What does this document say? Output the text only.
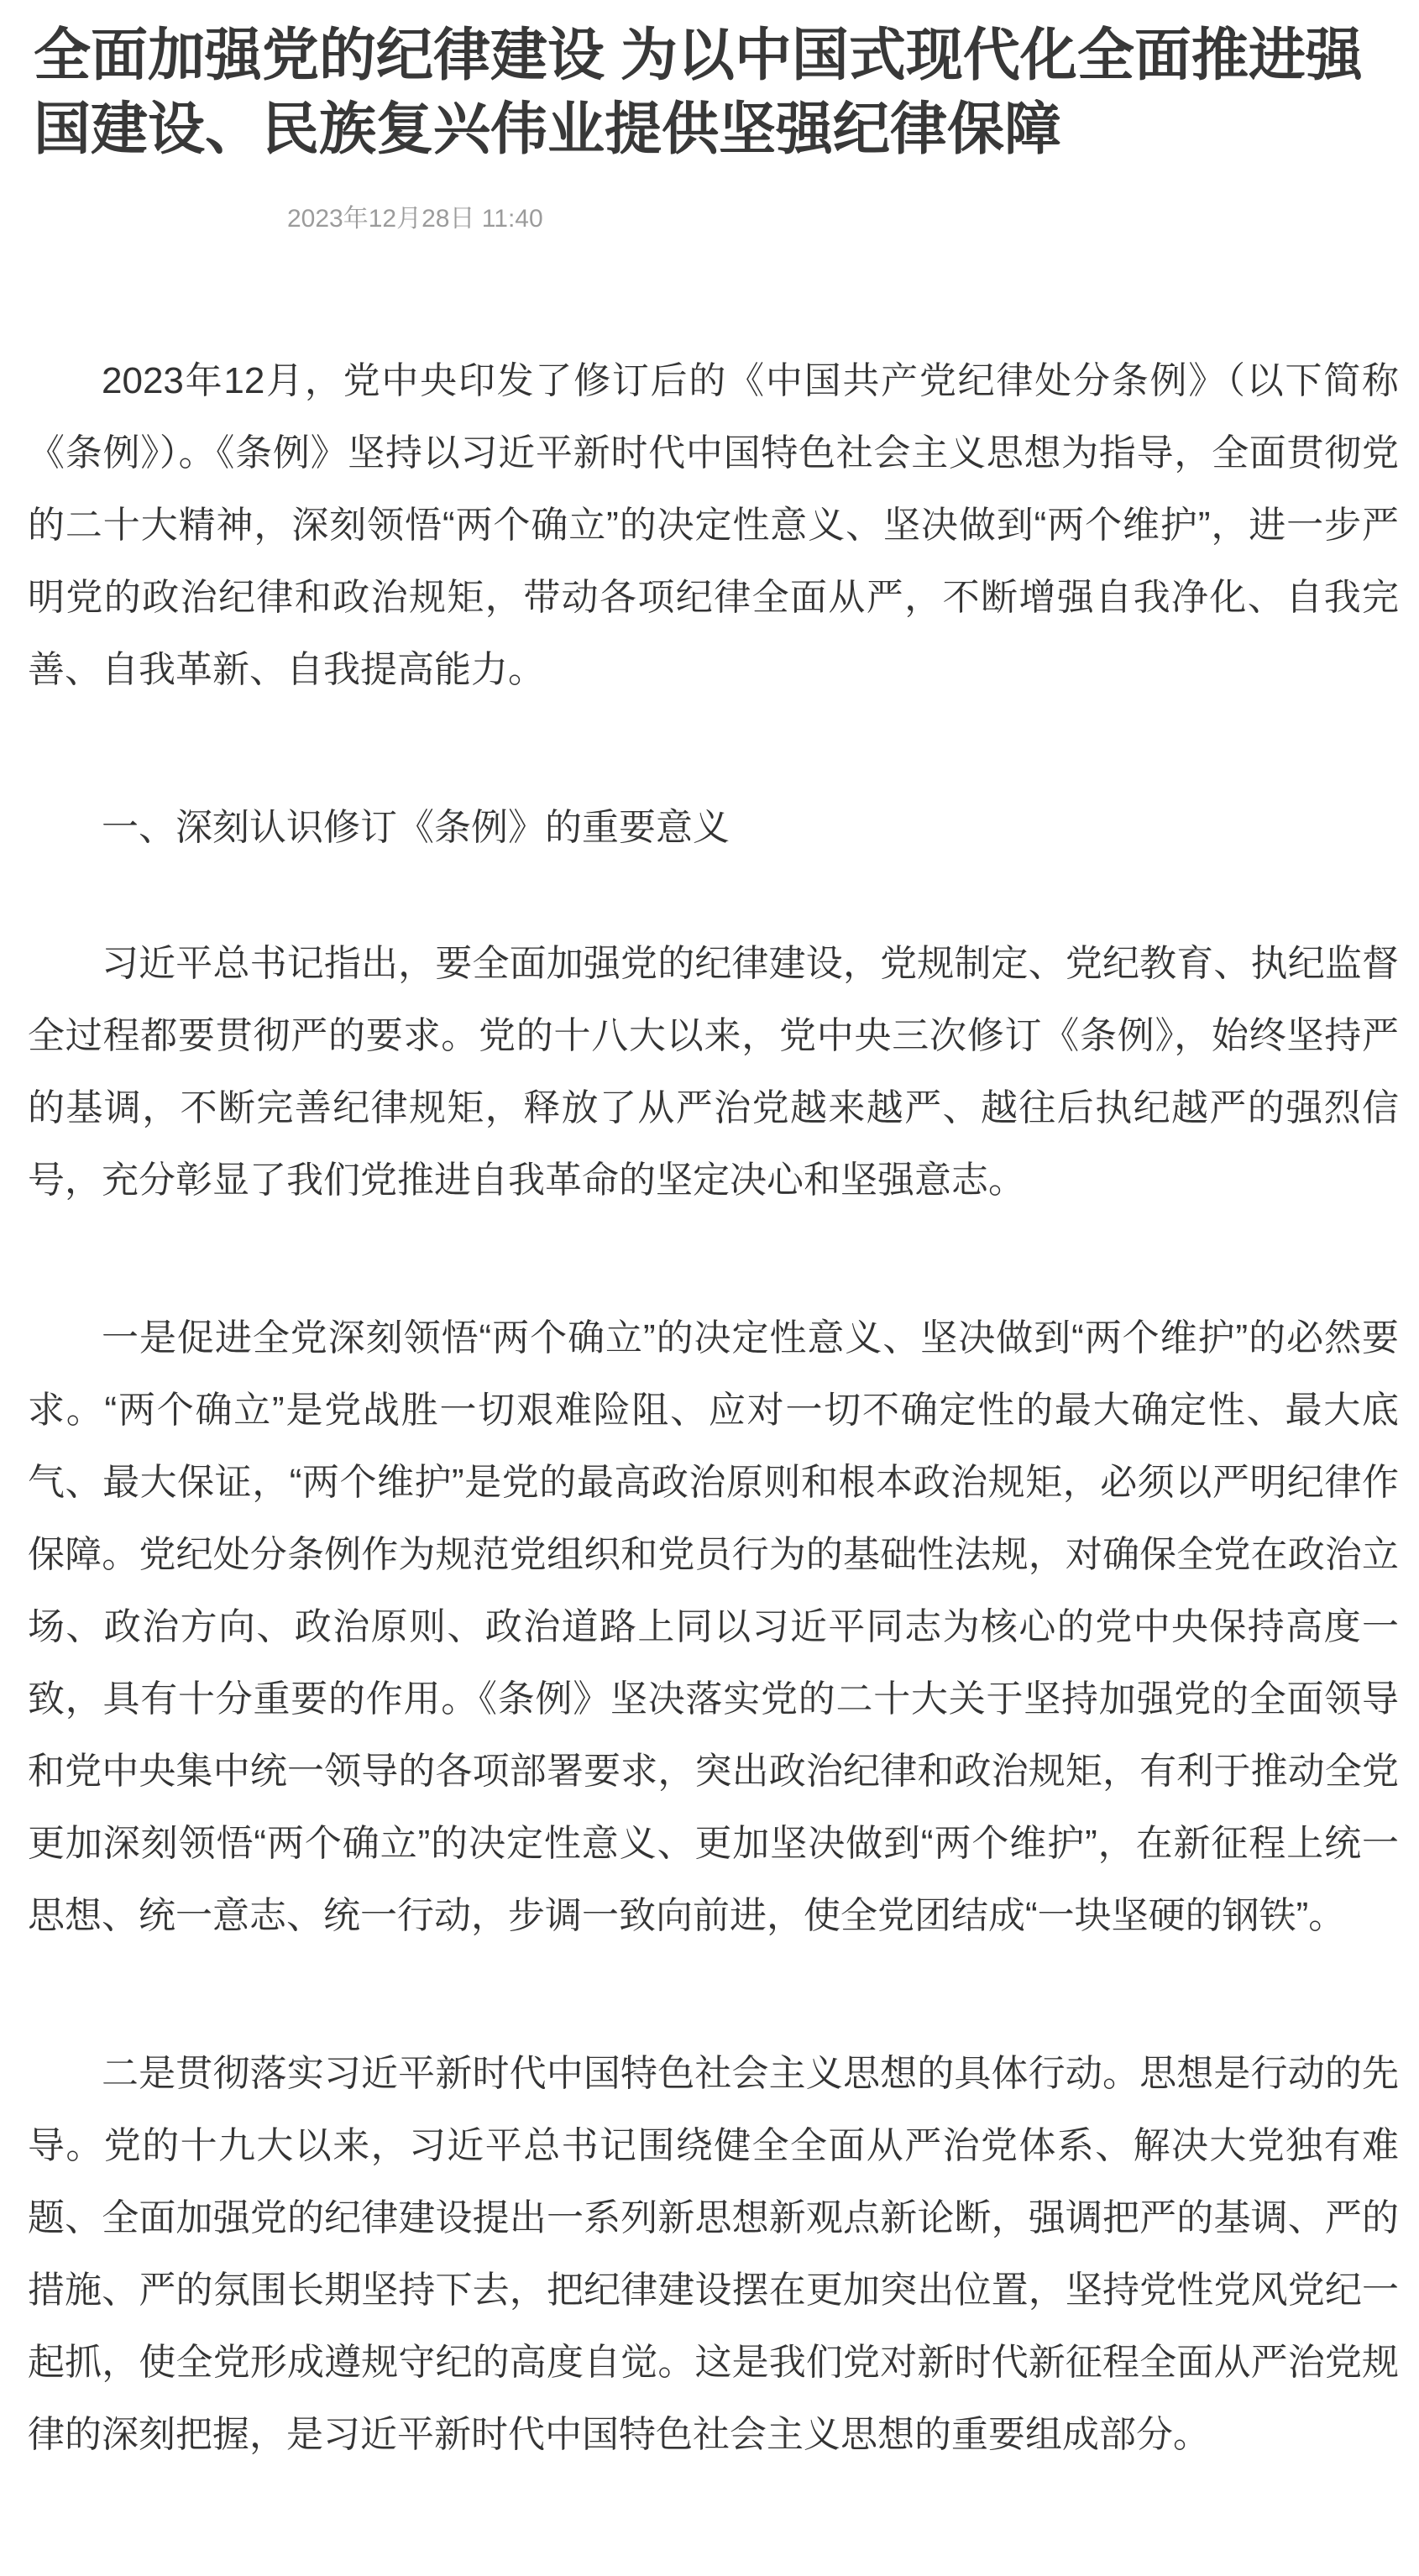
全面加强党的纪律建设 为以中国式现代化全面推进强国建设、民族复兴伟业提供坚强纪律保障
2023年12月28日 11:40

2023年12月，党中央印发了修订后的《中国共产党纪律处分条例》（以下简称《条例》）。《条例》坚持以习近平新时代中国特色社会主义思想为指导，全面贯彻党的二十大精神，深刻领悟“两个确立”的决定性意义、坚决做到“两个维护”，进一步严明党的政治纪律和政治规矩，带动各项纪律全面从严，不断增强自我净化、自我完善、自我革新、自我提高能力。

一、深刻认识修订《条例》的重要意义

习近平总书记指出，要全面加强党的纪律建设，党规制定、党纪教育、执纪监督全过程都要贯彻严的要求。党的十八大以来，党中央三次修订《条例》，始终坚持严的基调，不断完善纪律规矩，释放了从严治党越来越严、越往后执纪越严的强烈信号，充分彰显了我们党推进自我革命的坚定决心和坚强意志。

一是促进全党深刻领悟“两个确立”的决定性意义、坚决做到“两个维护”的必然要求。“两个确立”是党战胜一切艰难险阻、应对一切不确定性的最大确定性、最大底气、最大保证，“两个维护”是党的最高政治原则和根本政治规矩，必须以严明纪律作保障。党纪处分条例作为规范党组织和党员行为的基础性法规，对确保全党在政治立场、政治方向、政治原则、政治道路上同以习近平同志为核心的党中央保持高度一致，具有十分重要的作用。《条例》坚决落实党的二十大关于坚持加强党的全面领导和党中央集中统一领导的各项部署要求，突出政治纪律和政治规矩，有利于推动全党更加深刻领悟“两个确立”的决定性意义、更加坚决做到“两个维护”，在新征程上统一思想、统一意志、统一行动，步调一致向前进，使全党团结成“一块坚硬的钢铁”。

二是贯彻落实习近平新时代中国特色社会主义思想的具体行动。思想是行动的先导。党的十九大以来，习近平总书记围绕健全全面从严治党体系、解决大党独有难题、全面加强党的纪律建设提出一系列新思想新观点新论断，强调把严的基调、严的措施、严的氛围长期坚持下去，把纪律建设摆在更加突出位置，坚持党性党风党纪一起抓，使全党形成遵规守纪的高度自觉。这是我们党对新时代新征程全面从严治党规律的深刻把握，是习近平新时代中国特色社会主义思想的重要组成部分。
